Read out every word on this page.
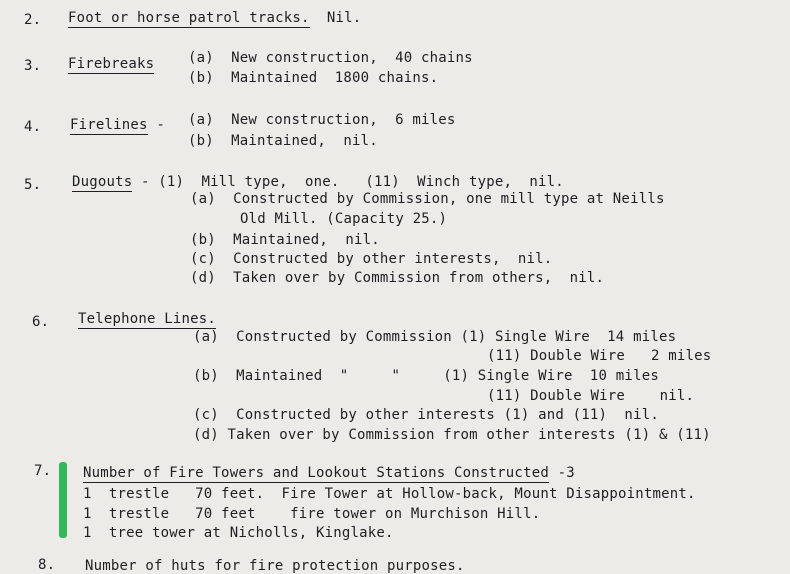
2. Foot or horse patrol tracks. Nil.
3. Firebreaks (a)  New construction,  40 chains
(b)  Maintained  1800 chains.
4. Firelines - (a)  New construction,  6 miles
(b)  Maintained,  nil.
5. Dugouts - (1)  Mill type,  one.   (11)  Winch type,  nil.
(a)  Constructed by Commission, one mill type at Neills
Old Mill. (Capacity 25.)
(b)  Maintained,  nil.
(c)  Constructed by other interests,  nil.
(d)  Taken over by Commission from others,  nil.
6. Telephone Lines.
(a)  Constructed by Commission (1) Single Wire  14 miles
(11) Double Wire   2 miles
(b)  Maintained  "     "     (1) Single Wire  10 miles
(11) Double Wire    nil.
(c)  Constructed by other interests (1) and (11)  nil.
(d) Taken over by Commission from other interests (1) & (11)
7. Number of Fire Towers and Lookout Stations Constructed -3
1  trestle   70 feet.  Fire Tower at Hollow-back, Mount Disappointment.
1  trestle   70 feet    fire tower on Murchison Hill.
1  tree tower at Nicholls, Kinglake.
8. Number of huts for fire protection purposes.
